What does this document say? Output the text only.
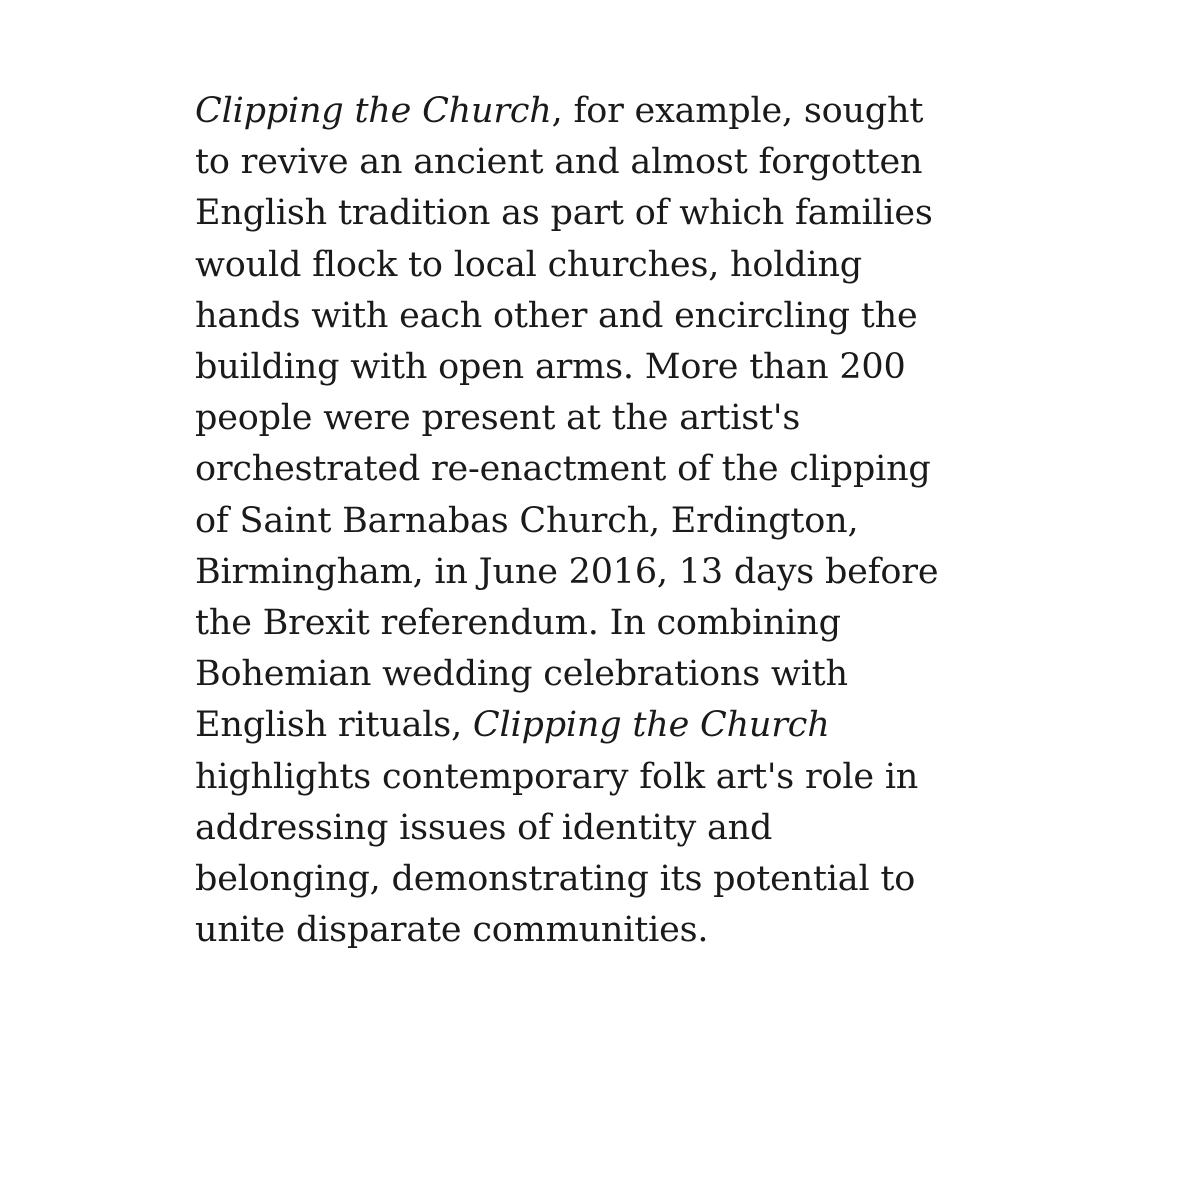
Clipping the Church, for example, sought
to revive an ancient and almost forgotten
English tradition as part of which families
would flock to local churches, holding
hands with each other and encircling the
building with open arms. More than 200
people were present at the artist's
orchestrated re-enactment of the clipping
of Saint Barnabas Church, Erdington,
Birmingham, in June 2016, 13 days before
the Brexit referendum. In combining
Bohemian wedding celebrations with
English rituals, Clipping the Church
highlights contemporary folk art's role in
addressing issues of identity and
belonging, demonstrating its potential to
unite disparate communities.
